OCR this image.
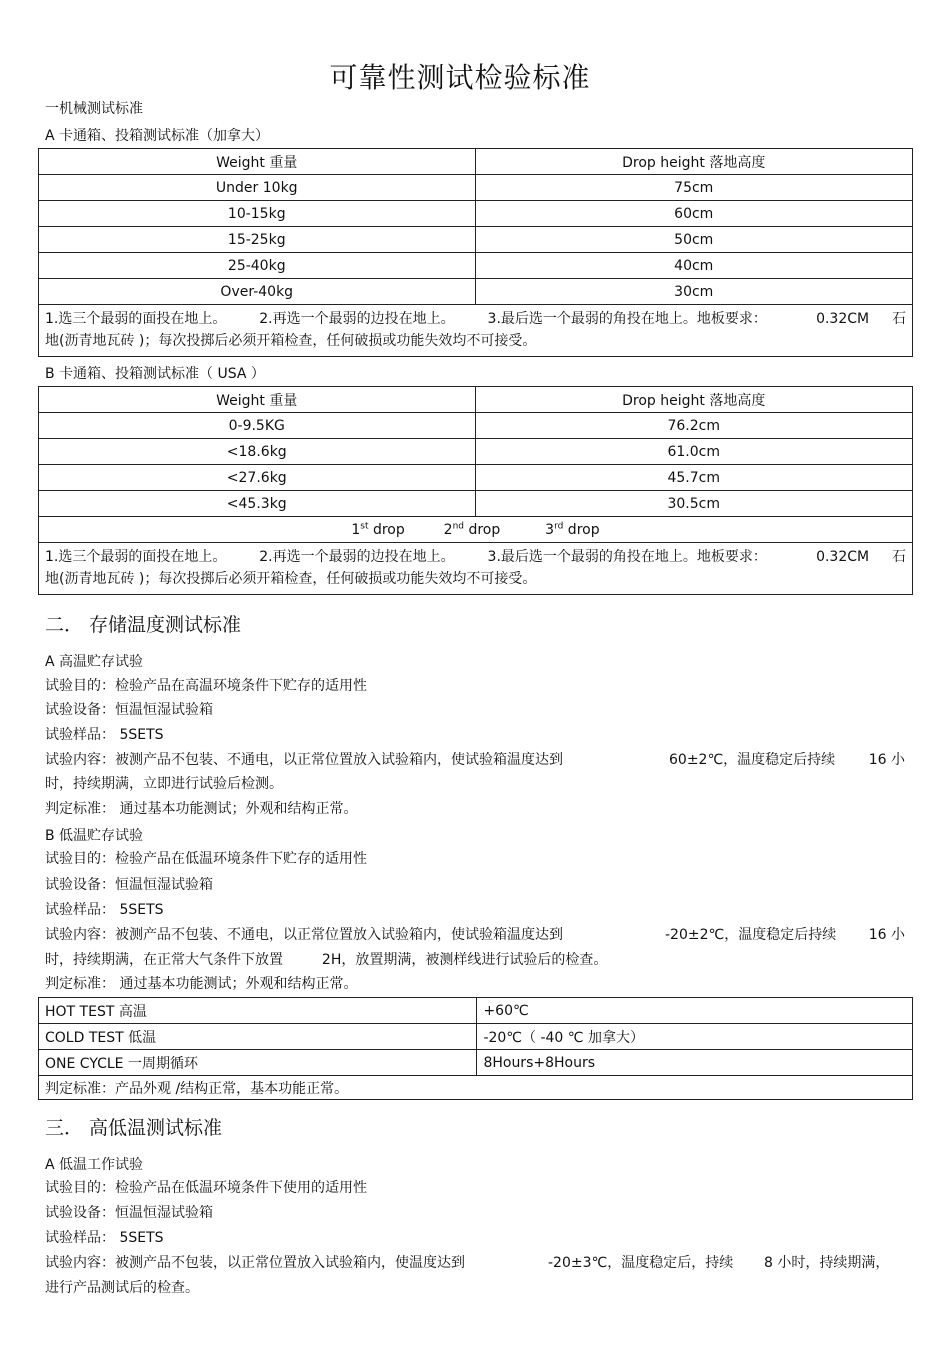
可靠性测试检验标准
一机械测试标准
A 卡通箱、投箱测试标准（加拿大）
Weight 重量	Drop height 落地高度
Under 10kg	75cm
10-15kg	60cm
15-25kg	50cm
25-40kg	40cm
Over-40kg	30cm

1.选三个最弱的面投在地上。 2.再选一个最弱的边投在地上。 3.最后选一个最弱的角投在地上。地板要求： 0.32CM 石
地(沥青地瓦砖 )；每次投掷后必须开箱检查，任何破损或功能失效均不可接受。	
B 卡通箱、投箱测试标准（ USA ）
Weight 重量	Drop height 落地高度
0-9.5KG	76.2cm
<18.6kg	61.0cm
<27.6kg	45.7cm
<45.3kg	30.5cm
1st drop 2nd drop 3rd drop	

1.选三个最弱的面投在地上。 2.再选一个最弱的边投在地上。 3.最后选一个最弱的角投在地上。地板要求： 0.32CM 石
地(沥青地瓦砖 )；每次投掷后必须开箱检查，任何破损或功能失效均不可接受。	
二． 存储温度测试标准
A 高温贮存试验
试验目的：检验产品在高温环境条件下贮存的适用性
试验设备：恒温恒湿试验箱
试验样品： 5SETS
试验内容：被测产品不包装、不通电，以正常位置放入试验箱内，使试验箱温度达到	60±2℃，温度稳定后持续 16 小
时，持续期满，立即进行试验后检测。
判定标准： 通过基本功能测试；外观和结构正常。
B 低温贮存试验
试验目的：检验产品在低温环境条件下贮存的适用性
试验设备：恒温恒湿试验箱
试验样品： 5SETS
试验内容：被测产品不包装、不通电，以正常位置放入试验箱内，使试验箱温度达到	-20±2℃，温度稳定后持续 16 小
时，持续期满，在正常大气条件下放置	2H，放置期满，被测样线进行试验后的检查。
判定标准： 通过基本功能测试；外观和结构正常。
HOT TEST 高温	+60℃
COLD TEST 低温	-20℃（ -40 ℃ 加拿大）
ONE CYCLE 一周期循环	8Hours+8Hours
判定标准：产品外观 /结构正常，基本功能正常。	
三． 高低温测试标准
A 低温工作试验
试验目的：检验产品在低温环境条件下使用的适用性
试验设备：恒温恒湿试验箱
试验样品： 5SETS
试验内容：被测产品不包装，以正常位置放入试验箱内，使温度达到	-20±3℃，温度稳定后，持续 8 小时，持续期满，
进行产品测试后的检查。
